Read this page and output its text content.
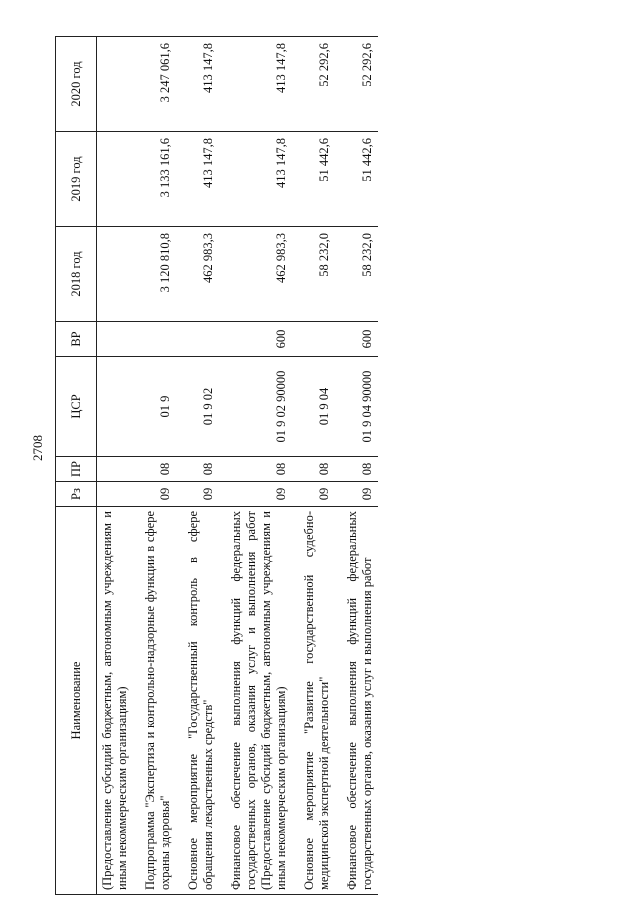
2708
Наименование	Рз	ПР	ЦСР	ВР	2018 год	2019 год	2020 год
(Предоставление субсидий бюджетным, автономным учреждениям и иным некоммерческим организациям)							
Подпрограмма "Экспертиза и контрольно-надзорные функции в сфере охраны здоровья"	09	08	01 9		3 120 810,8	3 133 161,6	3 247 061,6
Основное мероприятие "Государственный контроль в сфере обращения лекарственных средств"	09	08	01 9 02		462 983,3	413 147,8	413 147,8
Финансовое обеспечение выполнения функций федеральных государственных органов, оказания услуг и выполнения работ (Предоставление субсидий бюджетным, автономным учреждениям и иным некоммерческим организациям)	09	08	01 9 02 90000	600	462 983,3	413 147,8	413 147,8
Основное мероприятие "Развитие государственной судебно-медицинской экспертной деятельности"	09	08	01 9 04		58 232,0	51 442,6	52 292,6
Финансовое обеспечение выполнения функций федеральных государственных органов, оказания услуг и выполнения работ	09	08	01 9 04 90000	600	58 232,0	51 442,6	52 292,6
